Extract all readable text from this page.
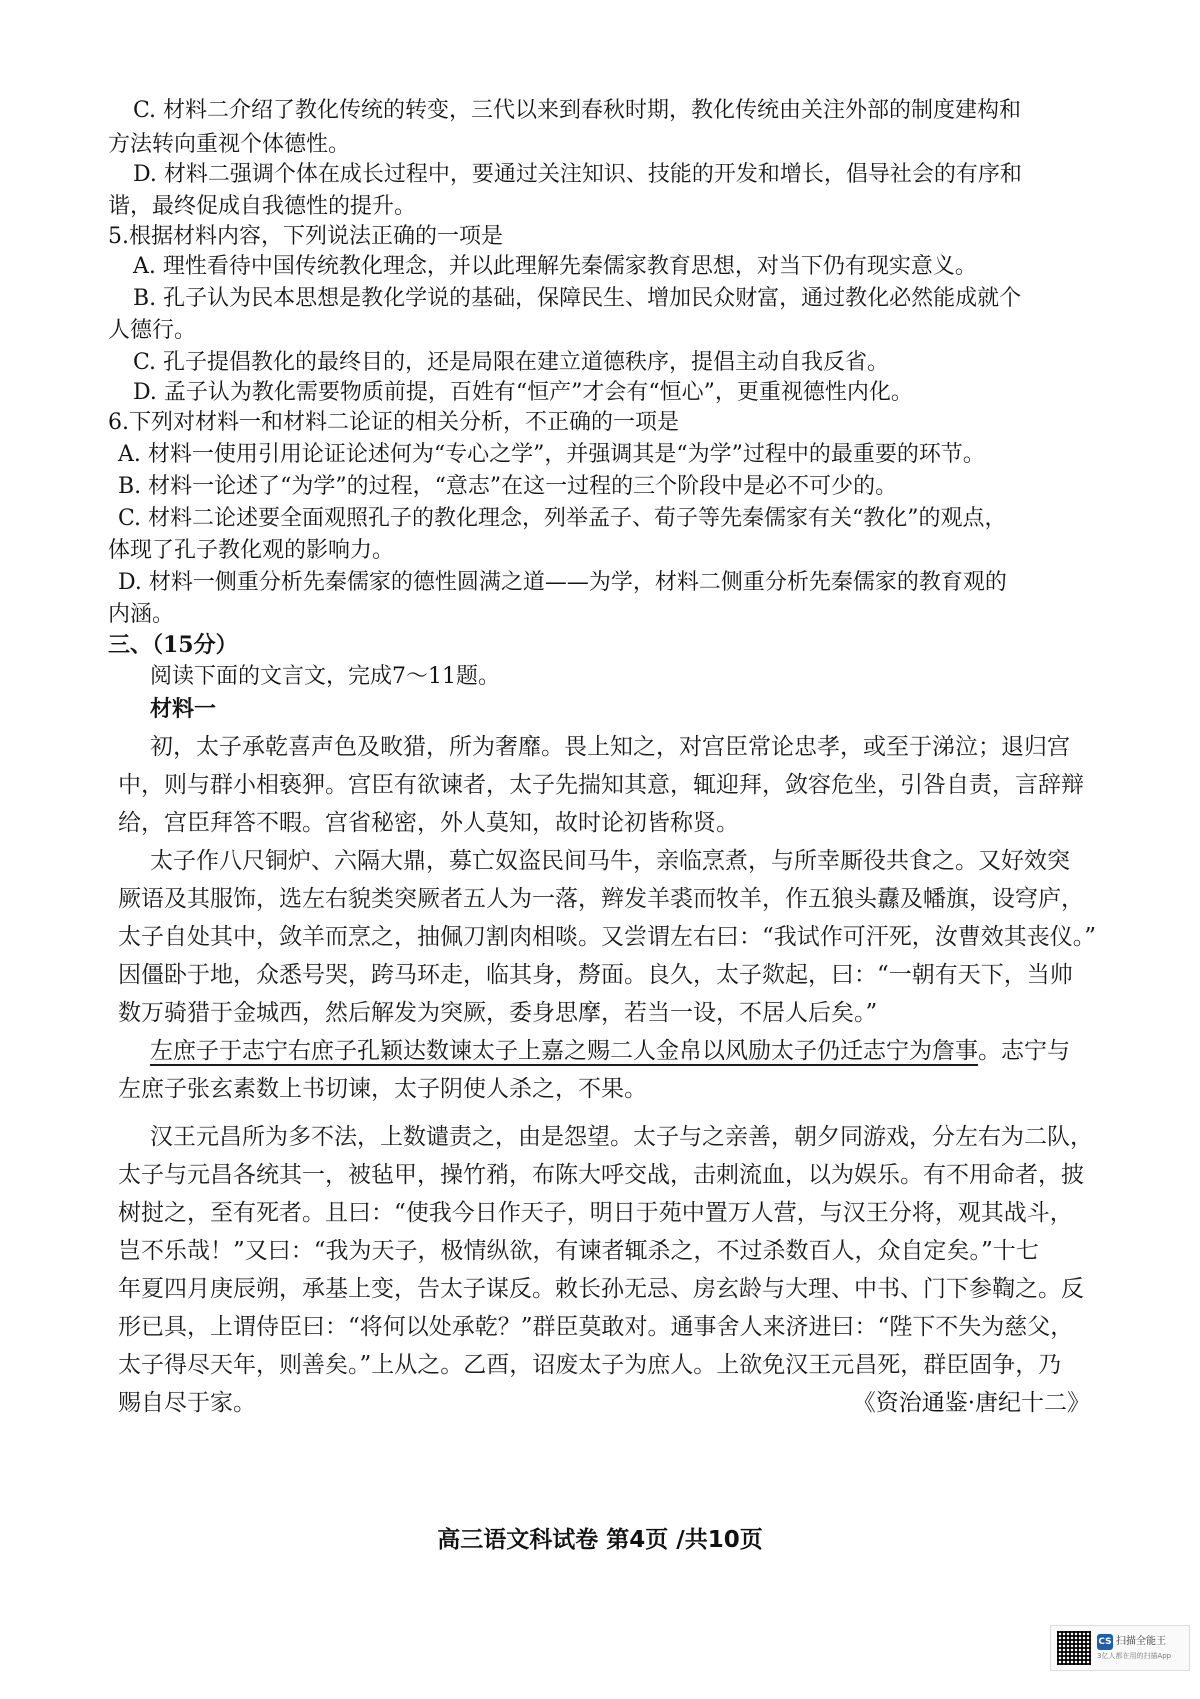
C. 材料二介绍了教化传统的转变，三代以来到春秋时期，教化传统由关注外部的制度建构和
方法转向重视个体德性。
D. 材料二强调个体在成长过程中，要通过关注知识、技能的开发和增长，倡导社会的有序和
谐，最终促成自我德性的提升。
5.根据材料内容，下列说法正确的一项是
A. 理性看待中国传统教化理念，并以此理解先秦儒家教育思想，对当下仍有现实意义。
B. 孔子认为民本思想是教化学说的基础，保障民生、增加民众财富，通过教化必然能成就个
人德行。
C. 孔子提倡教化的最终目的，还是局限在建立道德秩序，提倡主动自我反省。
D. 孟子认为教化需要物质前提，百姓有“恒产”才会有“恒心”，更重视德性内化。
6.下列对材料一和材料二论证的相关分析，不正确的一项是
A. 材料一使用引用论证论述何为“专心之学”，并强调其是“为学”过程中的最重要的环节。
B. 材料一论述了“为学”的过程，“意志”在这一过程的三个阶段中是必不可少的。
C. 材料二论述要全面观照孔子的教化理念，列举孟子、荀子等先秦儒家有关“教化”的观点，
体现了孔子教化观的影响力。
D. 材料一侧重分析先秦儒家的德性圆满之道——为学，材料二侧重分析先秦儒家的教育观的
内涵。
三、（15分）
阅读下面的文言文，完成7～11题。
材料一
初，太子承乾喜声色及畋猎，所为奢靡。畏上知之，对宫臣常论忠孝，或至于涕泣；退归宫
中，则与群小相亵狎。宫臣有欲谏者，太子先揣知其意，辄迎拜，敛容危坐，引咎自责，言辞辩
给，宫臣拜答不暇。宫省秘密，外人莫知，故时论初皆称贤。
太子作八尺铜炉、六隔大鼎，募亡奴盗民间马牛，亲临烹煮，与所幸厮役共食之。又好效突
厥语及其服饰，选左右貌类突厥者五人为一落，辫发羊裘而牧羊，作五狼头纛及幡旗，设穹庐，
太子自处其中，敛羊而烹之，抽佩刀割肉相啖。又尝谓左右曰：“我试作可汗死，汝曹效其丧仪。”
因僵卧于地，众悉号哭，跨马环走，临其身，剺面。良久，太子欻起，曰：“一朝有天下，当帅
数万骑猎于金城西，然后解发为突厥，委身思摩，若当一设，不居人后矣。”
左庶子于志宁右庶子孔颖达数谏太子上嘉之赐二人金帛以风励太子仍迁志宁为詹事。志宁与
左庶子张玄素数上书切谏，太子阴使人杀之，不果。
汉王元昌所为多不法，上数谴责之，由是怨望。太子与之亲善，朝夕同游戏，分左右为二队，
太子与元昌各统其一，被毡甲，操竹矟，布陈大呼交战，击刺流血，以为娱乐。有不用命者，披
树挝之，至有死者。且曰：“使我今日作天子，明日于苑中置万人营，与汉王分将，观其战斗，
岂不乐哉！”又曰：“我为天子，极情纵欲，有谏者辄杀之，不过杀数百人，众自定矣。”十七
年夏四月庚辰朔，承基上变，告太子谋反。敕长孙无忌、房玄龄与大理、中书、门下参鞫之。反
形已具，上谓侍臣曰：“将何以处承乾？”群臣莫敢对。通事舍人来济进曰：“陛下不失为慈父，
太子得尽天年，则善矣。”上从之。乙酉，诏废太子为庶人。上欲免汉王元昌死，群臣固争，乃
赐自尽于家。	《资治通鉴·唐纪十二》
高三语文科试卷 第4页 /共10页
CS 扫描全能王
3亿人都在用的扫描App
